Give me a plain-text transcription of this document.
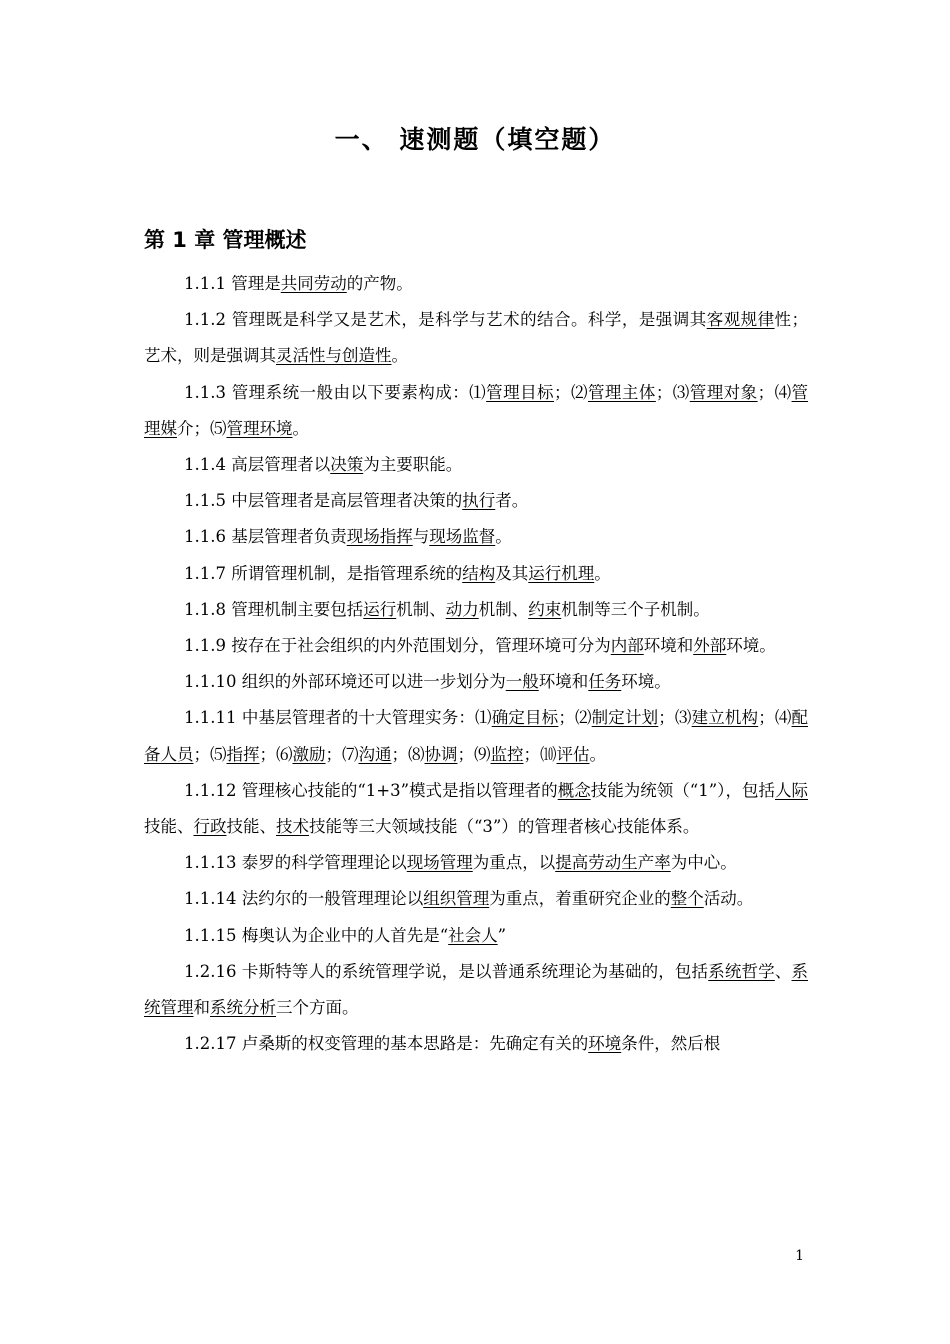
一、 速测题（填空题）
第 1 章 管理概述

1.1.1 管理是共同劳动的产物。

1.1.2 管理既是科学又是艺术，是科学与艺术的结合。科学，是强调其客观规律性；艺术，则是强调其灵活性与创造性。

1.1.3 管理系统一般由以下要素构成：⑴管理目标；⑵管理主体；⑶管理对象；⑷管理媒介；⑸管理环境。

1.1.4 高层管理者以决策为主要职能。

1.1.5 中层管理者是高层管理者决策的执行者。

1.1.6 基层管理者负责现场指挥与现场监督。

1.1.7 所谓管理机制，是指管理系统的结构及其运行机理。

1.1.8 管理机制主要包括运行机制、动力机制、约束机制等三个子机制。

1.1.9 按存在于社会组织的内外范围划分，管理环境可分为内部环境和外部环境。

1.1.10 组织的外部环境还可以进一步划分为一般环境和任务环境。

1.1.11 中基层管理者的十大管理实务：⑴确定目标；⑵制定计划；⑶建立机构；⑷配备人员；⑸指挥；⑹激励；⑺沟通；⑻协调；⑼监控；⑽评估。

1.1.12 管理核心技能的“1+3”模式是指以管理者的概念技能为统领（“1”），包括人际技能、行政技能、技术技能等三大领域技能（“3”）的管理者核心技能体系。

1.1.13 泰罗的科学管理理论以现场管理为重点，以提高劳动生产率为中心。

1.1.14 法约尔的一般管理理论以组织管理为重点，着重研究企业的整个活动。

1.1.15 梅奥认为企业中的人首先是“社会人”

1.2.16 卡斯特等人的系统管理学说，是以普通系统理论为基础的，包括系统哲学、系统管理和系统分析三个方面。

1.2.17 卢桑斯的权变管理的基本思路是：先确定有关的环境条件，然后根

1
